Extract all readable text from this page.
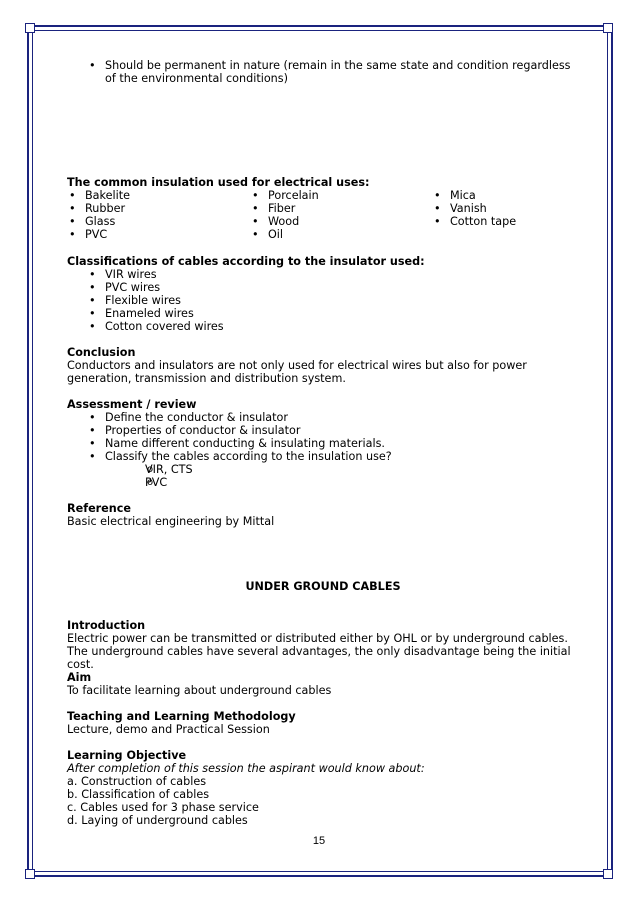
• Should be permanent in nature (remain in the same state and condition regardless of the environmental conditions)
The common insulation used for electrical uses:
• Bakelite
• Rubber
• Glass
• PVC
• Porcelain
• Fiber
• Wood
• Oil
• Mica
• Vanish
• Cotton tape
Classifications of cables according to the insulator used:
• VIR wires
• PVC wires
• Flexible wires
• Enameled wires
• Cotton covered wires
Conclusion
Conductors and insulators are not only used for electrical wires but also for power generation, transmission and distribution system.
Assessment / review
• Define the conductor & insulator
• Properties of conductor & insulator
• Name different conducting & insulating materials.
• Classify the cables according to the insulation use?
o VIR, CTS
o PVC
Reference
Basic electrical engineering by Mittal
UNDER GROUND CABLES
Introduction
Electric power can be transmitted or distributed either by OHL or by underground cables. The underground cables have several advantages, the only disadvantage being the initial cost.
Aim
To facilitate learning about underground cables
Teaching and Learning Methodology
Lecture, demo and Practical Session
Learning Objective
After completion of this session the aspirant would know about:
a. Construction of cables
b. Classification of cables
c. Cables used for 3 phase service
d. Laying of underground cables
15
